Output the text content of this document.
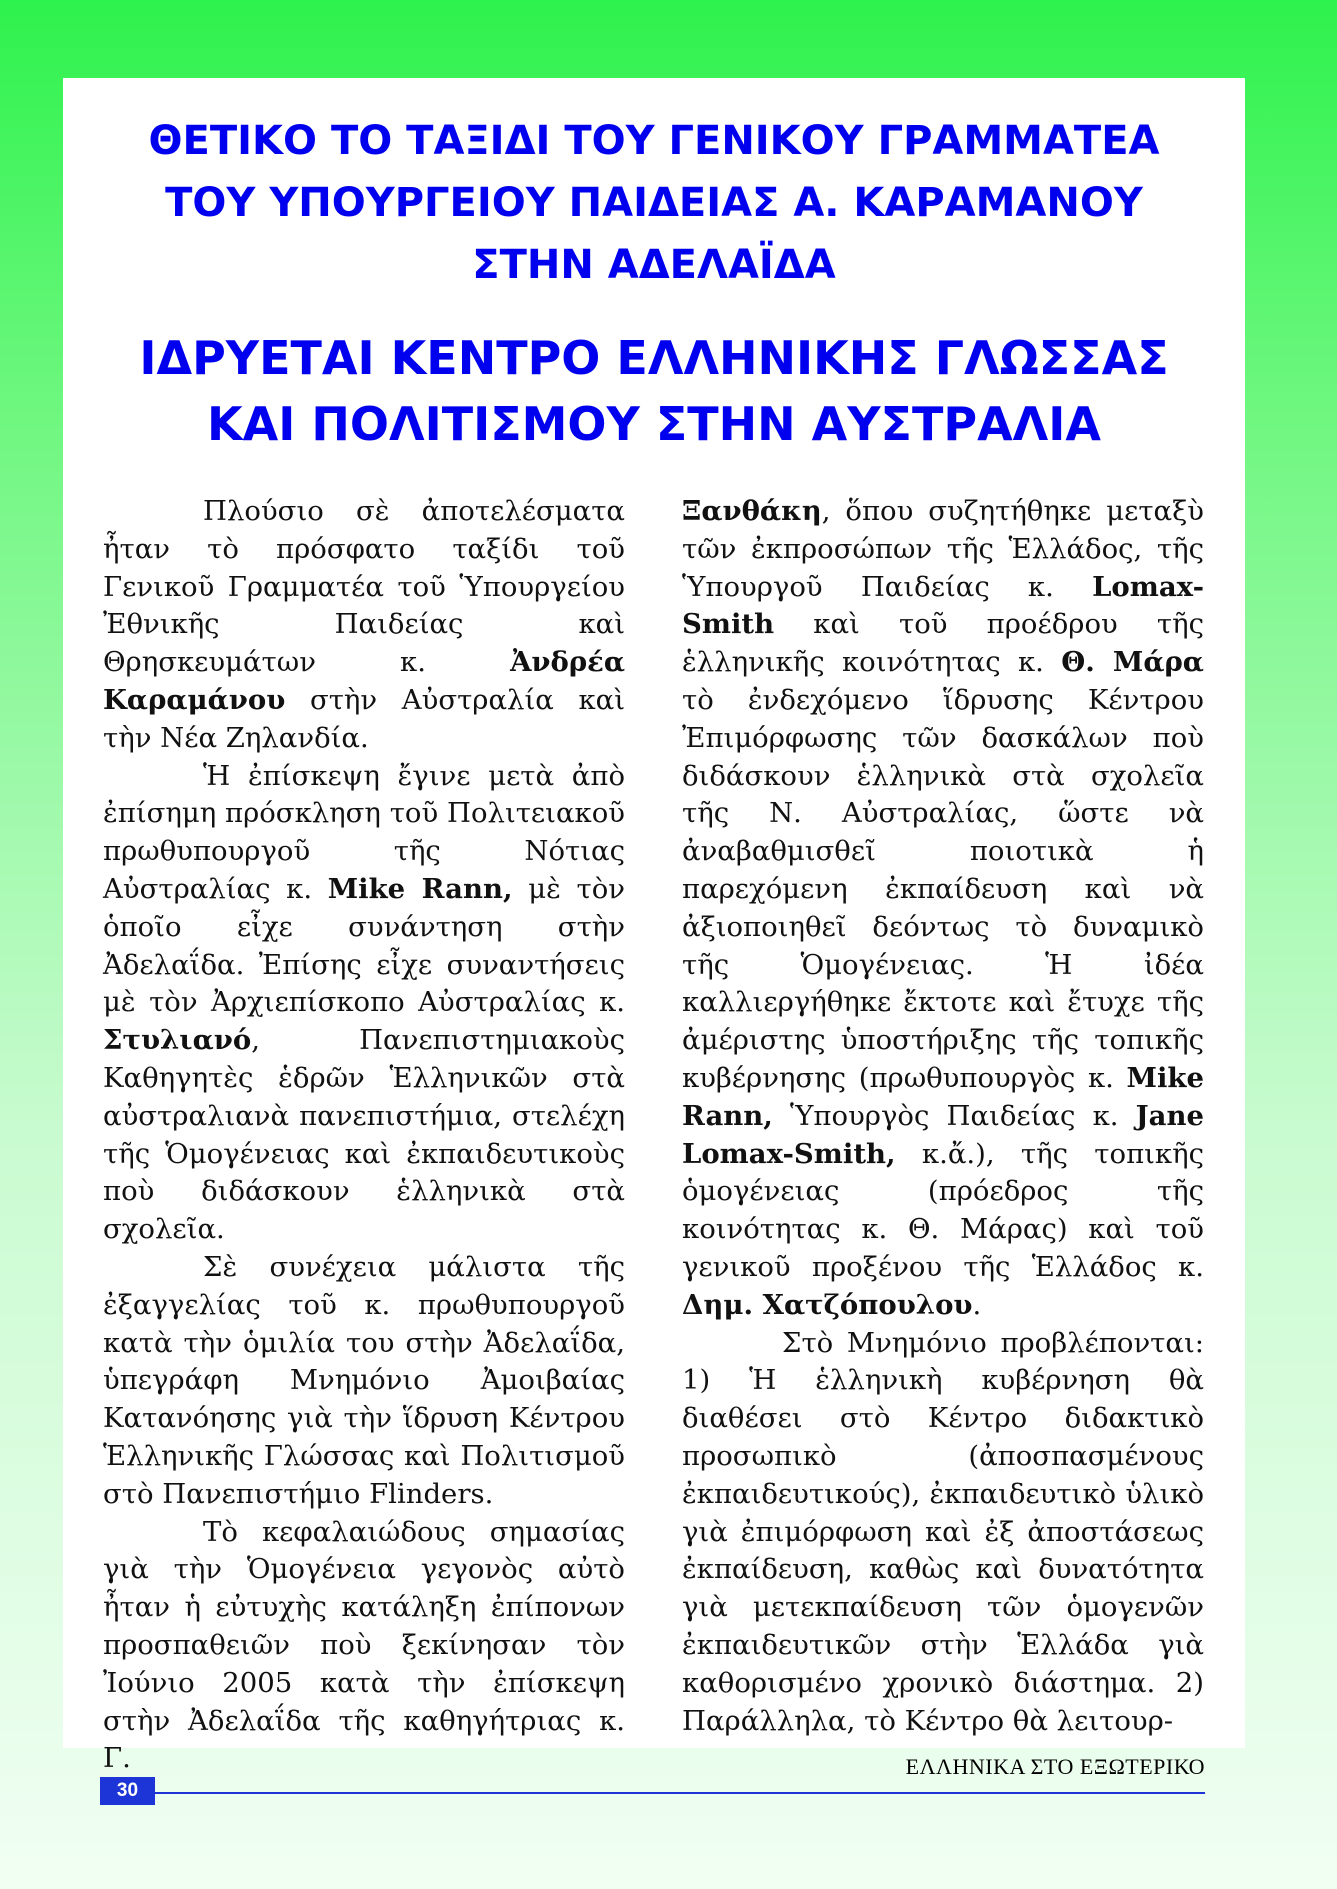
ΘΕΤΙΚΟ ΤΟ ΤΑΞΙΔΙ ΤΟΥ ΓΕΝΙΚΟΥ ΓΡΑΜΜΑΤΕΑ ΤΟΥ ΥΠΟΥΡΓΕΙΟΥ ΠΑΙΔΕΙΑΣ Α. ΚΑΡΑΜΑΝΟΥ ΣΤΗΝ ΑΔΕΛΑΪΔΑ
ΙΔΡΥΕΤΑΙ ΚΕΝΤΡΟ ΕΛΛΗΝΙΚΗΣ ΓΛΩΣΣΑΣ ΚΑΙ ΠΟΛΙΤΙΣΜΟΥ ΣΤΗΝ ΑΥΣΤΡΑΛΙΑ

Πλούσιο σὲ ἀποτελέσματα ἦταν τὸ πρόσφατο ταξίδι τοῦ Γενικοῦ Γραμματέα τοῦ Ὑπουργείου Ἐθνικῆς Παιδείας καὶ Θρησκευμάτων κ. Ἀνδρέα Καραμάνου στὴν Αὐστραλία καὶ τὴν Νέα Ζηλανδία.

Ἡ ἐπίσκεψη ἔγινε μετὰ ἀπὸ ἐπίσημη πρόσκληση τοῦ Πολιτειακοῦ πρωθυπουργοῦ τῆς Νότιας Αὐστραλίας κ. Mike Rann, μὲ τὸν ὁποῖο εἶχε συνάντηση στὴν Ἀδελαΐδα. Ἐπίσης εἶχε συναντήσεις μὲ τὸν Ἀρχιεπίσκοπο Αὐστραλίας κ. Στυλιανό, Πανεπιστημιακοὺς Καθηγητὲς ἑδρῶν Ἑλληνικῶν στὰ αὐστραλιανὰ πανεπιστήμια, στελέχη τῆς Ὁμογένειας καὶ ἐκπαιδευτικοὺς ποὺ διδάσκουν ἑλληνικὰ στὰ σχολεῖα.

Σὲ συνέχεια μάλιστα τῆς ἐξαγγελίας τοῦ κ. πρωθυπουργοῦ κατὰ τὴν ὁμιλία του στὴν Ἀδελαΐδα, ὑπεγράφη Μνημόνιο Ἀμοιβαίας Κατανόησης γιὰ τὴν ἵδρυση Κέντρου Ἑλληνικῆς Γλώσσας καὶ Πολιτισμοῦ στὸ Πανεπιστήμιο Flinders.

Τὸ κεφαλαιώδους σημασίας γιὰ τὴν Ὁμογένεια γεγονὸς αὐτὸ ἦταν ἡ εὐτυχὴς κατάληξη ἐπίπονων προσπαθειῶν ποὺ ξεκίνησαν τὸν Ἰούνιο 2005 κατὰ τὴν ἐπίσκεψη στὴν Ἀδελαΐδα τῆς καθηγήτριας κ. Γ.

Ξανθάκη, ὅπου συζητήθηκε μεταξὺ τῶν ἐκπροσώπων τῆς Ἑλλάδος, τῆς Ὑπουργοῦ Παιδείας κ. Lomax-Smith καὶ τοῦ προέδρου τῆς ἑλληνικῆς κοινότητας κ. Θ. Μάρα τὸ ἐνδεχόμενο ἵδρυσης Κέντρου Ἐπιμόρφωσης τῶν δασκάλων ποὺ διδάσκουν ἑλληνικὰ στὰ σχολεῖα τῆς Ν. Αὐστραλίας, ὥστε νὰ ἀναβαθμισθεῖ ποιοτικὰ ἡ παρεχόμενη ἐκπαίδευση καὶ νὰ ἀξιοποιηθεῖ δεόντως τὸ δυναμικὸ τῆς Ὁμογένειας. Ἡ ἰδέα καλλιεργήθηκε ἔκτοτε καὶ ἔτυχε τῆς ἀμέριστης ὑποστήριξης τῆς τοπικῆς κυβέρνησης (πρωθυπουργὸς κ. Mike Rann, Ὑπουργὸς Παιδείας κ. Jane Lomax-Smith, κ.ἄ.), τῆς τοπικῆς ὁμογένειας (πρόεδρος τῆς κοινότητας κ. Θ. Μάρας) καὶ τοῦ γενικοῦ προξένου τῆς Ἑλλάδος κ. Δημ. Χατζόπουλου.

Στὸ Μνημόνιο προβλέπονται: 1) Ἡ ἑλληνικὴ κυβέρνηση θὰ διαθέσει στὸ Κέντρο διδακτικὸ προσωπικὸ (ἀποσπασμένους ἐκπαιδευτικούς), ἐκπαιδευτικὸ ὑλικὸ γιὰ ἐπιμόρφωση καὶ ἐξ ἀποστάσεως ἐκπαίδευση, καθὼς καὶ δυνατότητα γιὰ μετεκπαίδευση τῶν ὁμογενῶν ἐκπαιδευτικῶν στὴν Ἑλλάδα γιὰ καθορισμένο χρονικὸ διάστημα. 2) Παράλληλα, τὸ Κέντρο θὰ λειτουρ-

30
ΕΛΛΗΝΙΚΑ ΣΤΟ ΕΞΩΤΕΡΙΚΟ
